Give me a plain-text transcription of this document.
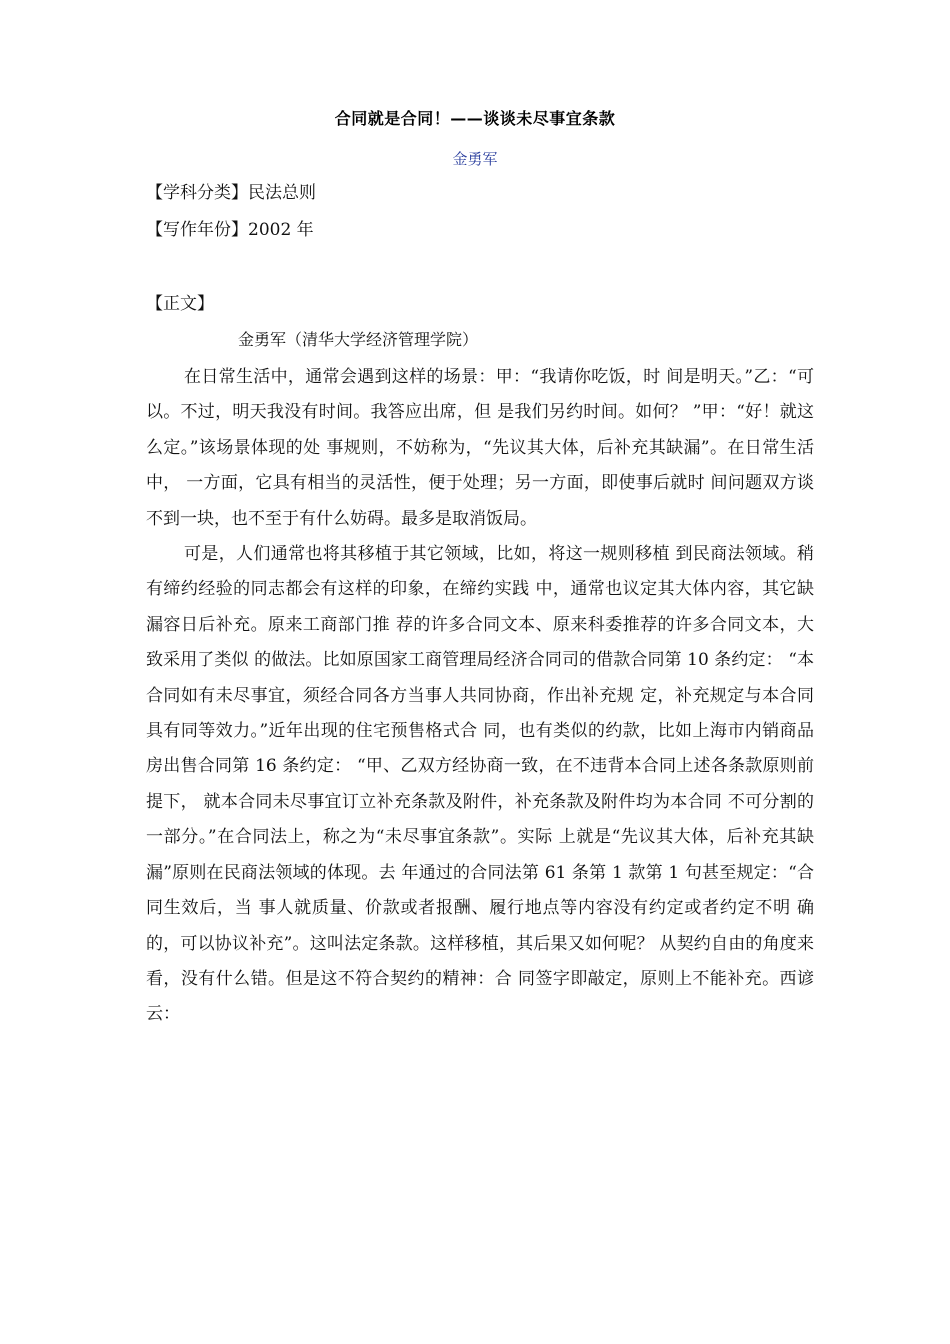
合同就是合同！——谈谈未尽事宜条款
金勇军
【学科分类】民法总则
【写作年份】2002 年
【正文】
金勇军（清华大学经济管理学院）

在日常生活中，通常会遇到这样的场景：甲：“我请你吃饭，时 间是明天。”乙：“可以。不过，明天我没有时间。我答应出席，但 是我们另约时间。如何？ ”甲：“好！就这么定。”该场景体现的处 事规则，不妨称为，“先议其大体，后补充其缺漏”。在日常生活中， 一方面，它具有相当的灵活性，便于处理；另一方面，即使事后就时 间问题双方谈不到一块，也不至于有什么妨碍。最多是取消饭局。

可是，人们通常也将其移植于其它领域，比如，将这一规则移植 到民商法领域。稍有缔约经验的同志都会有这样的印象，在缔约实践 中，通常也议定其大体内容，其它缺漏容日后补充。原来工商部门推 荐的许多合同文本、原来科委推荐的许多合同文本，大致采用了类似 的做法。比如原国家工商管理局经济合同司的借款合同第 10 条约定： “本合同如有未尽事宜，须经合同各方当事人共同协商，作出补充规 定，补充规定与本合同具有同等效力。”近年出现的住宅预售格式合 同，也有类似的约款，比如上海市内销商品房出售合同第 16 条约定： “甲、乙双方经协商一致，在不违背本合同上述各条款原则前提下， 就本合同未尽事宜订立补充条款及附件，补充条款及附件均为本合同 不可分割的一部分。”在合同法上，称之为“未尽事宜条款”。实际 上就是“先议其大体，后补充其缺漏”原则在民商法领域的体现。去 年通过的合同法第 61 条第 1 款第 1 句甚至规定：“合同生效后，当 事人就质量、价款或者报酬、履行地点等内容没有约定或者约定不明 确的，可以协议补充”。这叫法定条款。这样移植，其后果又如何呢？ 从契约自由的角度来看，没有什么错。但是这不符合契约的精神：合 同签字即敲定，原则上不能补充。西谚云：
